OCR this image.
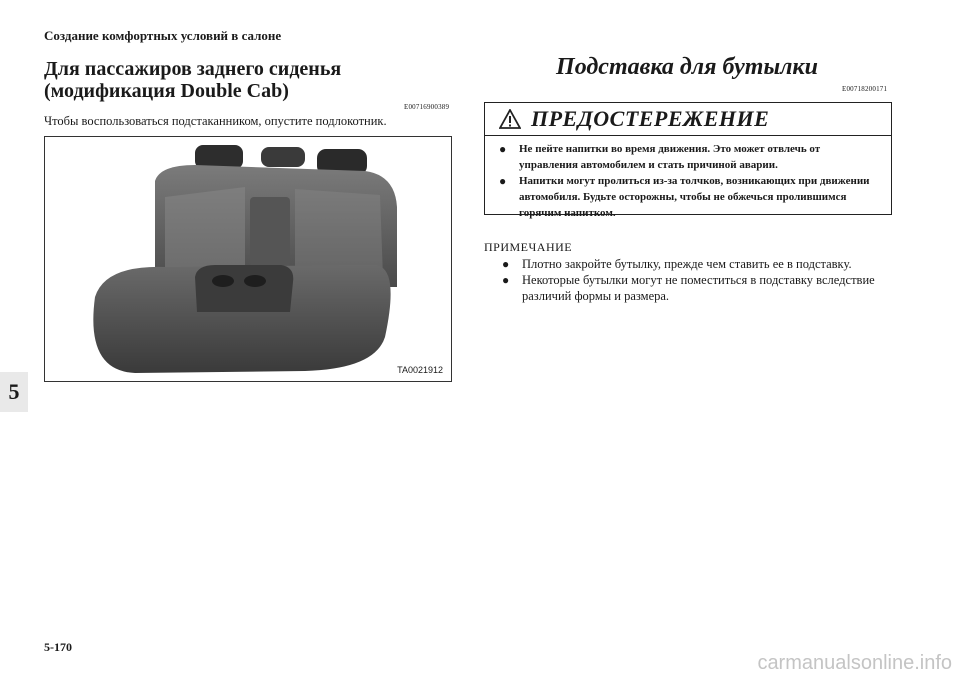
Создание комфортных условий в салоне
Для пассажиров заднего сиденья (модификация Double Cab)
E00716900389
Чтобы воспользоваться подстаканником, опустите подлокотник.
TA0021912
5
Подставка для бутылки
E00718200171
ПРЕДОСТЕРЕЖЕНИЕ
● Не пейте напитки во время движения. Это может отвлечь от управления автомобилем и стать причиной аварии.
● Напитки могут пролиться из-за толчков, возникающих при движении автомобиля. Будьте осторожны, чтобы не обжечься пролившимся горячим напитком.
ПРИМЕЧАНИЕ
● Плотно закройте бутылку, прежде чем ставить ее в подставку.
● Некоторые бутылки могут не поместиться в подставку вследствие различий формы и размера.
5-170
carmanualsonline.info
